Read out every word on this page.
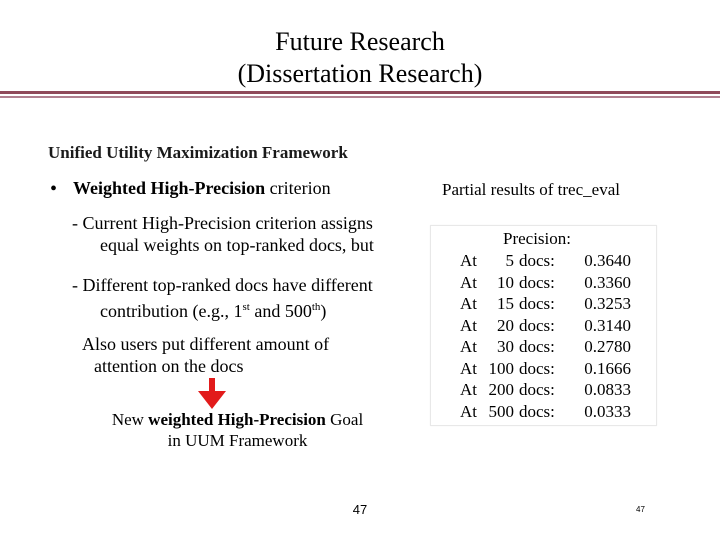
Future Research
(Dissertation Research)
Unified Utility Maximization Framework
• Weighted High-Precision criterion
- Current High-Precision criterion assigns
equal weights on top-ranked docs, but
- Different top-ranked docs have different
contribution (e.g., 1st and 500th)
Also users put different amount of
attention on the docs
New weighted High-Precision Goal
in UUM Framework
Partial results of trec_eval
Precision:
At	5	docs:	0.3640
At	10	docs:	0.3360
At	15	docs:	0.3253
At	20	docs:	0.3140
At	30	docs:	0.2780
At	100	docs:	0.1666
At	200	docs:	0.0833
At	500	docs:	0.0333
47	47
